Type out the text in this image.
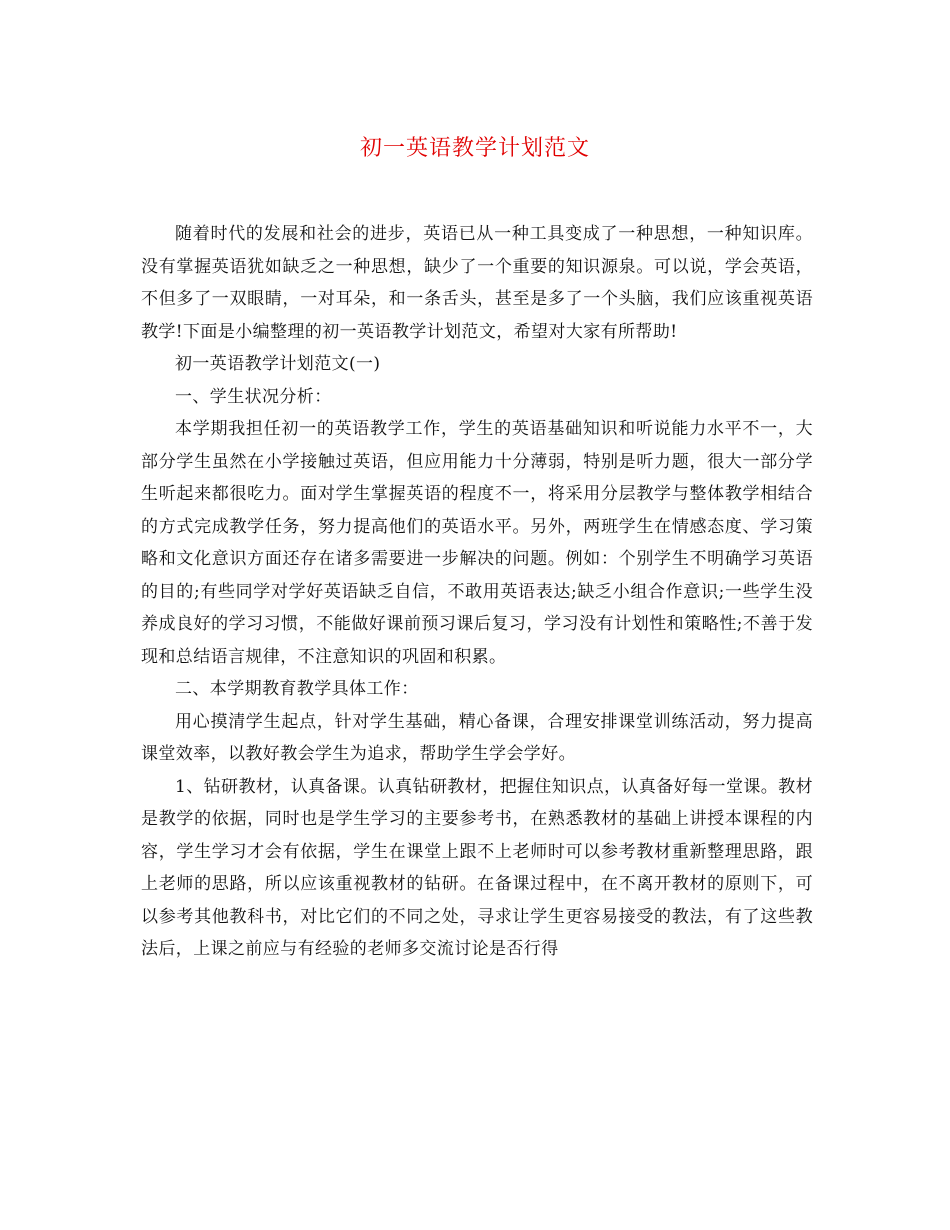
初一英语教学计划范文

随着时代的发展和社会的进步，英语已从一种工具变成了一种思想，一种知识库。没有掌握英语犹如缺乏之一种思想，缺少了一个重要的知识源泉。可以说，学会英语，不但多了一双眼睛，一对耳朵，和一条舌头，甚至是多了一个头脑，我们应该重视英语教学!下面是小编整理的初一英语教学计划范文，希望对大家有所帮助!

初一英语教学计划范文(一)

一、学生状况分析：

本学期我担任初一的英语教学工作，学生的英语基础知识和听说能力水平不一，大部分学生虽然在小学接触过英语，但应用能力十分薄弱，特别是听力题，很大一部分学生听起来都很吃力。面对学生掌握英语的程度不一，将采用分层教学与整体教学相结合的方式完成教学任务，努力提高他们的英语水平。另外，两班学生在情感态度、学习策略和文化意识方面还存在诸多需要进一步解决的问题。例如：个别学生不明确学习英语的目的;有些同学对学好英语缺乏自信，不敢用英语表达;缺乏小组合作意识;一些学生没养成良好的学习习惯，不能做好课前预习课后复习，学习没有计划性和策略性;不善于发现和总结语言规律，不注意知识的巩固和积累。

二、本学期教育教学具体工作：

用心摸清学生起点，针对学生基础，精心备课，合理安排课堂训练活动，努力提高课堂效率，以教好教会学生为追求，帮助学生学会学好。

1、钻研教材，认真备课。认真钻研教材，把握住知识点，认真备好每一堂课。教材是教学的依据，同时也是学生学习的主要参考书，在熟悉教材的基础上讲授本课程的内容，学生学习才会有依据，学生在课堂上跟不上老师时可以参考教材重新整理思路，跟上老师的思路，所以应该重视教材的钻研。在备课过程中，在不离开教材的原则下，可以参考其他教科书，对比它们的不同之处，寻求让学生更容易接受的教法，有了这些教法后，上课之前应与有经验的老师多交流讨论是否行得
